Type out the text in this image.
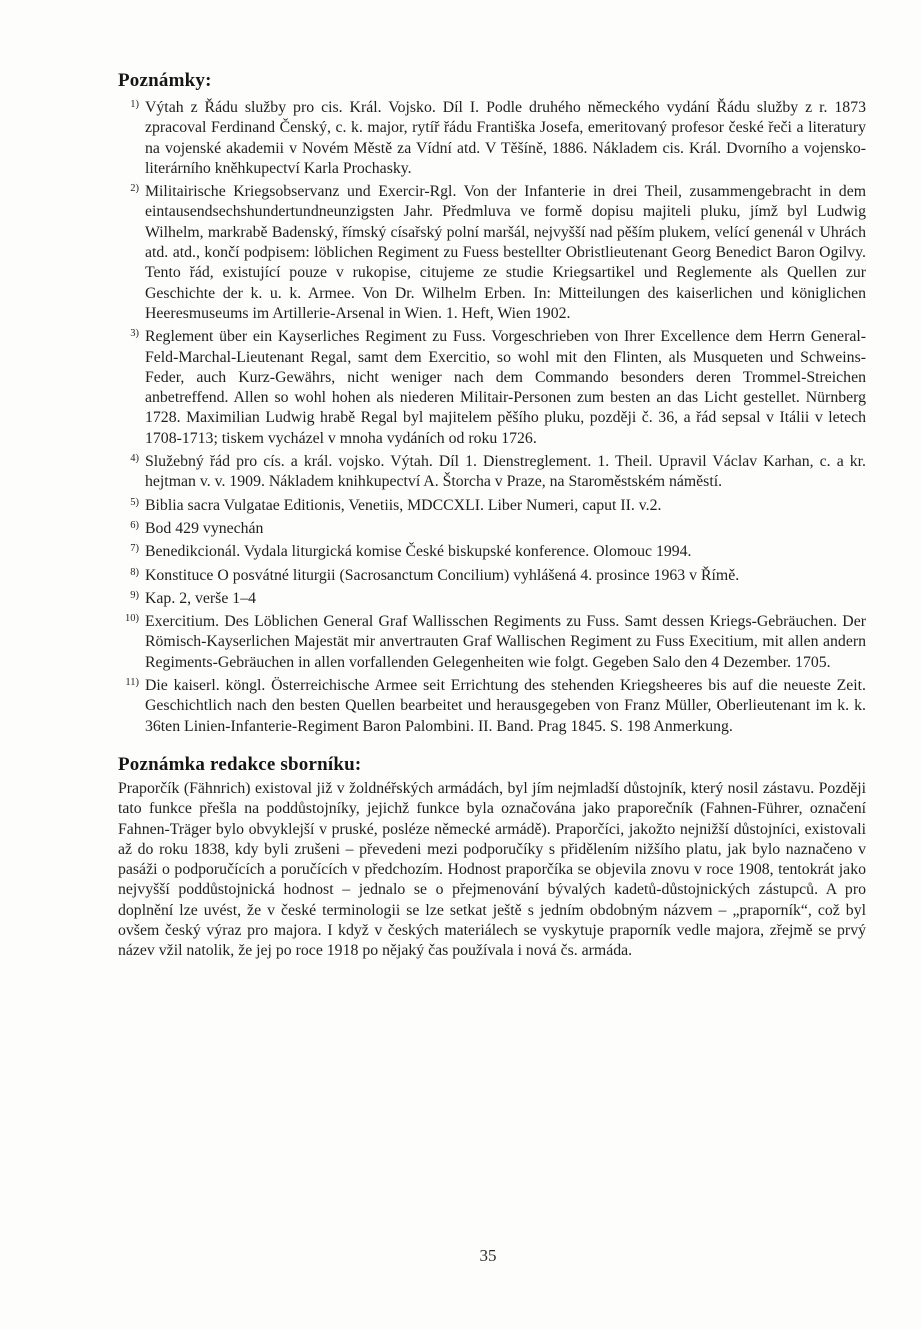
Poznámky:

1) Výtah z Řádu služby pro cis. Král. Vojsko. Díl I. Podle druhého německého vydání Řádu služby z r. 1873 zpracoval Ferdinand Čenský, c. k. major, rytíř řádu Františka Josefa, emeritovaný profesor české řeči a literatury na vojenské akademii v Novém Městě za Vídní atd. V Těšíně, 1886. Nákladem cis. Král. Dvorního a vojensko-literárního kněhkupectví Karla Prochasky.

2) Militairische Kriegsobservanz und Exercir-Rgl. Von der Infanterie in drei Theil, zusammengebracht in dem eintausendsechshundertundneunzigsten Jahr. Předmluva ve formě dopisu majiteli pluku, jímž byl Ludwig Wilhelm, markrabě Badenský, římský císařský polní maršál, nejvyšší nad pěším plukem, velící genenál v Uhrách atd. atd., končí podpisem: löblichen Regiment zu Fuess bestellter Obristlieutenant Georg Benedict Baron Ogilvy. Tento řád, existující pouze v rukopise, citujeme ze studie Kriegsartikel und Reglemente als Quellen zur Geschichte der k. u. k. Armee. Von Dr. Wilhelm Erben. In: Mitteilungen des kaiserlichen und königlichen Heeresmuseums im Artillerie-Arsenal in Wien. 1. Heft, Wien 1902.

3) Reglement über ein Kayserliches Regiment zu Fuss. Vorgeschrieben von Ihrer Excellence dem Herrn General-Feld-Marchal-Lieutenant Regal, samt dem Exercitio, so wohl mit den Flinten, als Musqueten und Schweins-Feder, auch Kurz-Gewährs, nicht weniger nach dem Commando besonders deren Trommel-Streichen anbetreffend. Allen so wohl hohen als niederen Militair-Personen zum besten an das Licht gestellet. Nürnberg 1728. Maximilian Ludwig hrabě Regal byl majitelem pěšího pluku, později č. 36, a řád sepsal v Itálii v letech 1708-1713; tiskem vycházel v mnoha vydáních od roku 1726.

4) Služebný řád pro cís. a král. vojsko. Výtah. Díl 1. Dienstreglement. 1. Theil. Upravil Václav Karhan, c. a kr. hejtman v. v. 1909. Nákladem knihkupectví A. Štorcha v Praze, na Staroměstském náměstí.

5) Biblia sacra Vulgatae Editionis, Venetiis, MDCCXLI. Liber Numeri, caput II. v.2.

6) Bod 429 vynechán

7) Benedikcionál. Vydala liturgická komise České biskupské konference. Olomouc 1994.

8) Konstituce O posvátné liturgii (Sacrosanctum Concilium) vyhlášená 4. prosince 1963 v Římě.

9) Kap. 2, verše 1–4

10) Exercitium. Des Löblichen General Graf Wallisschen Regiments zu Fuss. Samt dessen Kriegs-Gebräuchen. Der Römisch-Kayserlichen Majestät mir anvertrauten Graf Wallischen Regiment zu Fuss Execitium, mit allen andern Regiments-Gebräuchen in allen vorfallenden Gelegenheiten wie folgt. Gegeben Salo den 4 Dezember. 1705.

11) Die kaiserl. köngl. Österreichische Armee seit Errichtung des stehenden Kriegsheeres bis auf die neueste Zeit. Geschichtlich nach den besten Quellen bearbeitet und herausgegeben von Franz Müller, Oberlieutenant im k. k. 36ten Linien-Infanterie-Regiment Baron Palombini. II. Band. Prag 1845. S. 198 Anmerkung.

Poznámka redakce sborníku:

Praporčík (Fähnrich) existoval již v žoldnéřských armádách, byl jím nejmladší důstojník, který nosil zástavu. Později tato funkce přešla na poddůstojníky, jejichž funkce byla označována jako praporečník (Fahnen-Führer, označení Fahnen-Träger bylo obvyklejší v pruské, posléze německé armádě). Praporčíci, jakožto nejnižší důstojníci, existovali až do roku 1838, kdy byli zrušeni – převedeni mezi podporučíky s přidělením nižšího platu, jak bylo naznačeno v pasáži o podporučících a poručících v předchozím. Hodnost praporčíka se objevila znovu v roce 1908, tentokrát jako nejvyšší poddůstojnická hodnost – jednalo se o přejmenování bývalých kadetů-důstojnických zástupců. A pro doplnění lze uvést, že v české terminologii se lze setkat ještě s jedním obdobným názvem – „praporník“, což byl ovšem český výraz pro majora. I když v českých materiálech se vyskytuje praporník vedle majora, zřejmě se prvý název vžil natolik, že jej po roce 1918 po nějaký čas používala i nová čs. armáda.

35
